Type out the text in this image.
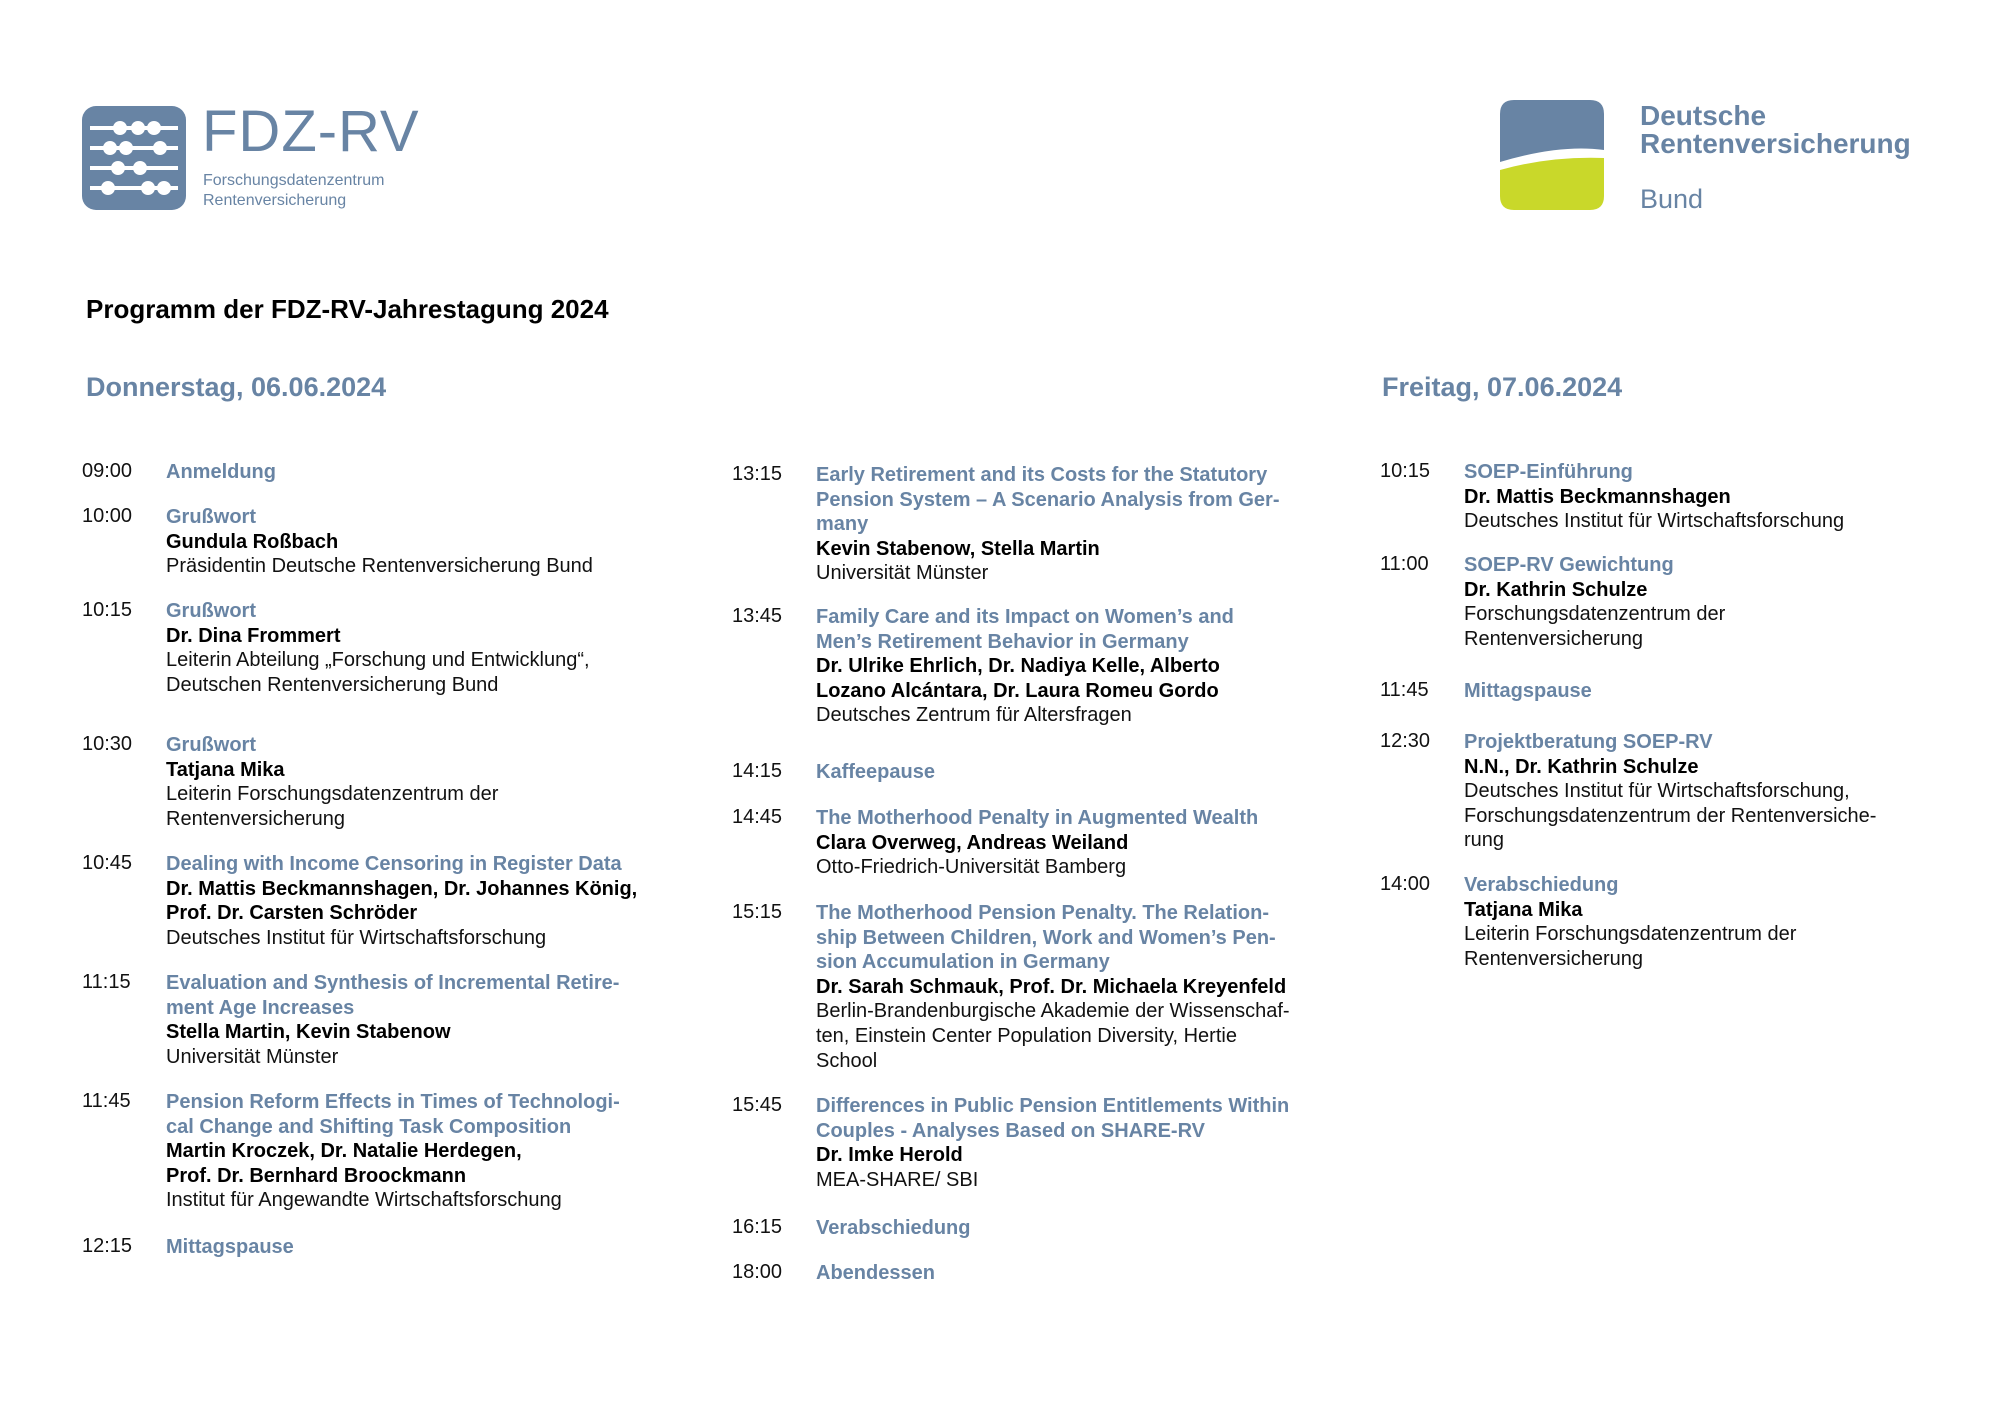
FDZ-RV
Forschungsdatenzentrum
Rentenversicherung
Deutsche
Rentenversicherung
Bund
Programm der FDZ-RV-Jahrestagung 2024
Donnerstag, 06.06.2024	Freitag, 07.06.2024
09:00 Anmeldung
10:00 Grußwort
Gundula Roßbach
Präsidentin Deutsche Rentenversicherung Bund
10:15 Grußwort
Dr. Dina Frommert
Leiterin Abteilung „Forschung und Entwicklung“,
Deutschen Rentenversicherung Bund
10:30 Grußwort
Tatjana Mika
Leiterin Forschungsdatenzentrum der
Rentenversicherung
10:45 Dealing with Income Censoring in Register Data
Dr. Mattis Beckmannshagen, Dr. Johannes König,
Prof. Dr. Carsten Schröder
Deutsches Institut für Wirtschaftsforschung
11:15 Evaluation and Synthesis of Incremental Retire-
ment Age Increases
Stella Martin, Kevin Stabenow
Universität Münster
11:45 Pension Reform Effects in Times of Technologi-
cal Change and Shifting Task Composition
Martin Kroczek, Dr. Natalie Herdegen,
Prof. Dr. Bernhard Broockmann
Institut für Angewandte Wirtschaftsforschung
12:15 Mittagspause
13:15 Early Retirement and its Costs for the Statutory
Pension System – A Scenario Analysis from Ger-
many
Kevin Stabenow, Stella Martin
Universität Münster
13:45 Family Care and its Impact on Women’s and
Men’s Retirement Behavior in Germany
Dr. Ulrike Ehrlich, Dr. Nadiya Kelle, Alberto
Lozano Alcántara, Dr. Laura Romeu Gordo
Deutsches Zentrum für Altersfragen
14:15 Kaffeepause
14:45 The Motherhood Penalty in Augmented Wealth
Clara Overweg, Andreas Weiland
Otto-Friedrich-Universität Bamberg
15:15 The Motherhood Pension Penalty. The Relation-
ship Between Children, Work and Women’s Pen-
sion Accumulation in Germany
Dr. Sarah Schmauk, Prof. Dr. Michaela Kreyenfeld
Berlin-Brandenburgische Akademie der Wissenschaf-
ten, Einstein Center Population Diversity, Hertie
School
15:45 Differences in Public Pension Entitlements Within
Couples - Analyses Based on SHARE-RV
Dr. Imke Herold
MEA-SHARE/ SBI
16:15 Verabschiedung
18:00 Abendessen
10:15 SOEP-Einführung
Dr. Mattis Beckmannshagen
Deutsches Institut für Wirtschaftsforschung
11:00 SOEP-RV Gewichtung
Dr. Kathrin Schulze
Forschungsdatenzentrum der
Rentenversicherung
11:45 Mittagspause
12:30 Projektberatung SOEP-RV
N.N., Dr. Kathrin Schulze
Deutsches Institut für Wirtschaftsforschung,
Forschungsdatenzentrum der Rentenversiche-
rung
14:00 Verabschiedung
Tatjana Mika
Leiterin Forschungsdatenzentrum der
Rentenversicherung
